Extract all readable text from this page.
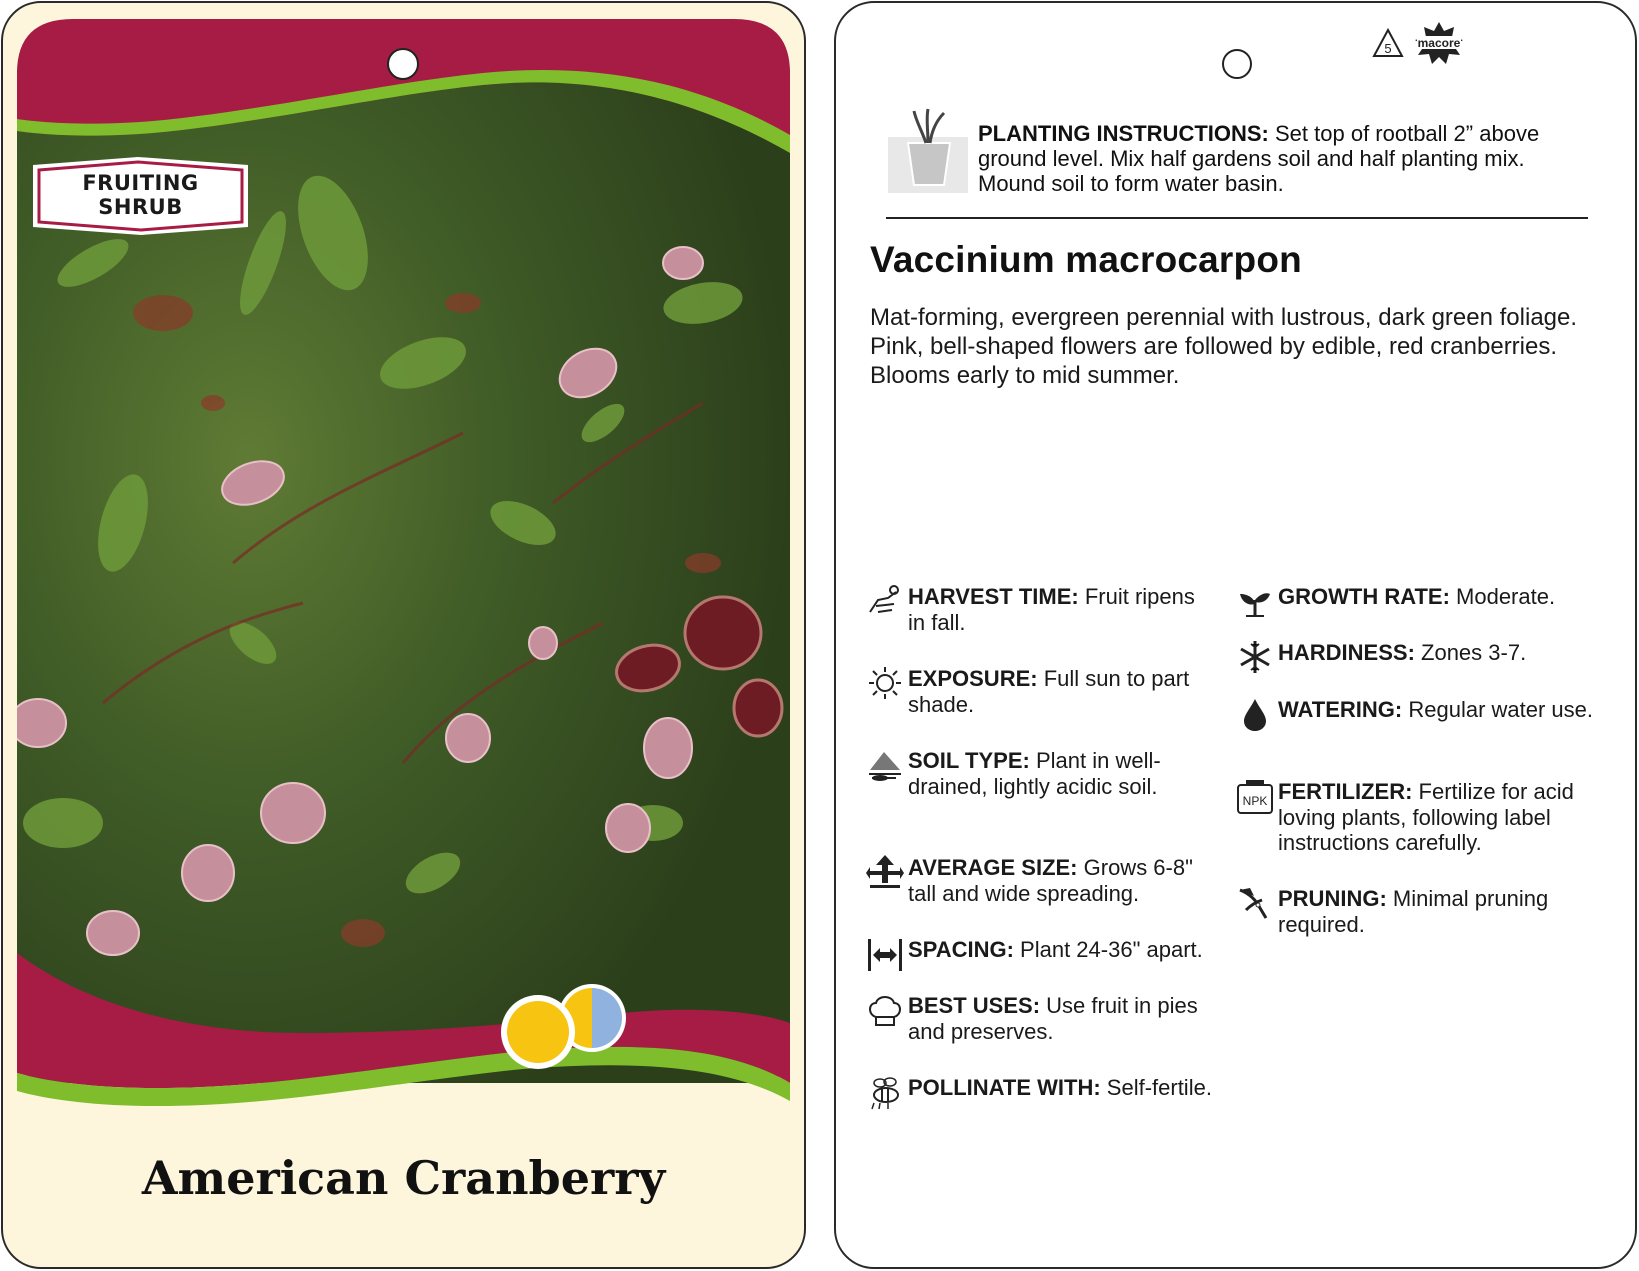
FRUITING
SHRUB
American Cranberry
5 macore
PLANTING INSTRUCTIONS: Set top of rootball 2” above ground level. Mix half gardens soil and half planting mix. Mound soil to form water basin.
Vaccinium macrocarpon
Mat-forming, evergreen perennial with lustrous, dark green foliage. Pink, bell-shaped flowers are followed by edible, red cranberries. Blooms early to mid summer.
HARVEST TIME: Fruit ripens in fall.
EXPOSURE: Full sun to part shade.
SOIL TYPE: Plant in well-drained, lightly acidic soil.
AVERAGE SIZE: Grows 6-8" tall and wide spreading.
SPACING: Plant 24-36" apart.
BEST USES: Use fruit in pies and preserves.
POLLINATE WITH: Self-fertile.
GROWTH RATE: Moderate.
HARDINESS: Zones 3-7.
WATERING: Regular water use.
NPK FERTILIZER: Fertilize for acid loving plants, following label instructions carefully.
PRUNING: Minimal pruning required.
